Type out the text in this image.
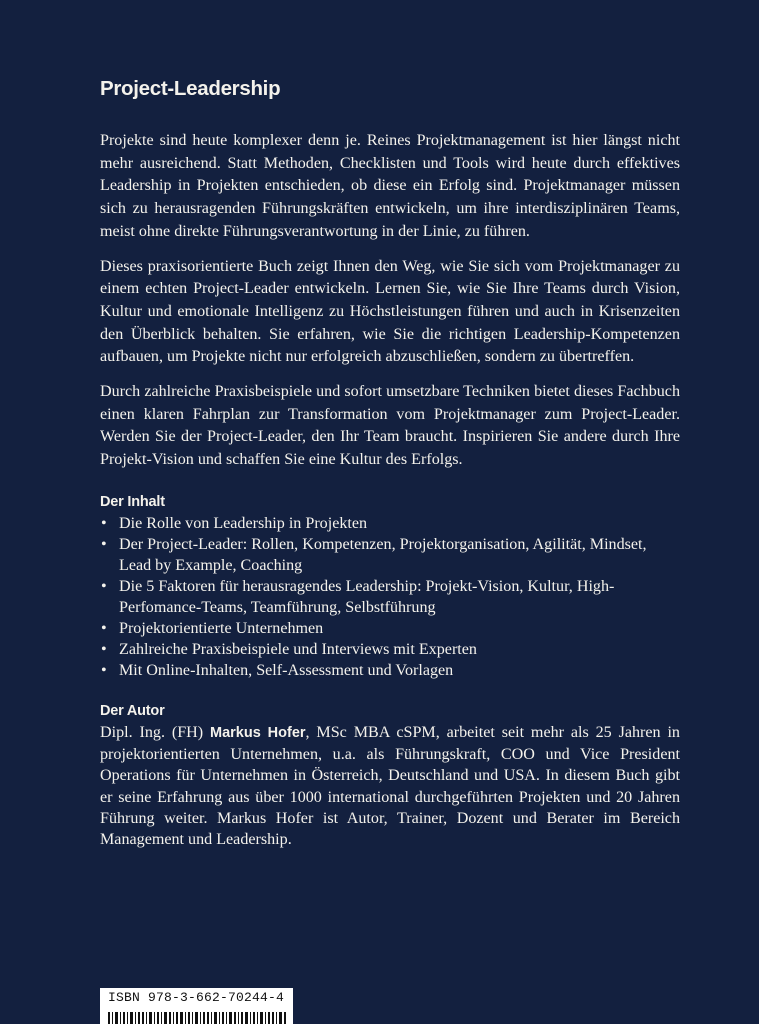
Project-Leadership

Projekte sind heute komplexer denn je. Reines Projektmanagement ist hier längst nicht mehr ausreichend. Statt Methoden, Checklisten und Tools wird heute durch effektives Leadership in Projekten entschieden, ob diese ein Erfolg sind. Projektmanager müssen sich zu herausragenden Führungskräften entwickeln, um ihre interdisziplinären Teams, meist ohne direkte Führungsverantwortung in der Linie, zu führen.

Dieses praxisorientierte Buch zeigt Ihnen den Weg, wie Sie sich vom Projektmanager zu einem echten Project-Leader entwickeln. Lernen Sie, wie Sie Ihre Teams durch Vision, Kultur und emotionale Intelligenz zu Höchstleistungen führen und auch in Krisenzeiten den Überblick behalten. Sie erfahren, wie Sie die richtigen Leadership-Kompetenzen aufbauen, um Projekte nicht nur erfolgreich abzuschließen, sondern zu übertreffen.

Durch zahlreiche Praxisbeispiele und sofort umsetzbare Techniken bietet dieses Fachbuch einen klaren Fahrplan zur Transformation vom Projektmanager zum Project-Leader. Werden Sie der Project-Leader, den Ihr Team braucht. Inspirieren Sie andere durch Ihre Projekt-Vision und schaffen Sie eine Kultur des Erfolgs.

Der Inhalt
• Die Rolle von Leadership in Projekten
• Der Project-Leader: Rollen, Kompetenzen, Projektorganisation, Agilität, Mindset, Lead by Example, Coaching
• Die 5 Faktoren für herausragendes Leadership: Projekt-Vision, Kultur, High-Perfomance-Teams, Teamführung, Selbstführung
• Projektorientierte Unternehmen
• Zahlreiche Praxisbeispiele und Interviews mit Experten
• Mit Online-Inhalten, Self-Assessment und Vorlagen
Der Autor

Dipl. Ing. (FH) Markus Hofer, MSc MBA cSPM, arbeitet seit mehr als 25 Jahren in projektorientierten Unternehmen, u.a. als Führungskraft, COO und Vice President Operations für Unternehmen in Österreich, Deutschland und USA. In diesem Buch gibt er seine Erfahrung aus über 1000 international durchgeführten Projekten und 20 Jahren Führung weiter. Markus Hofer ist Autor, Trainer, Dozent und Berater im Bereich Management und Leadership.

ISBN 978-3-662-70244-4
